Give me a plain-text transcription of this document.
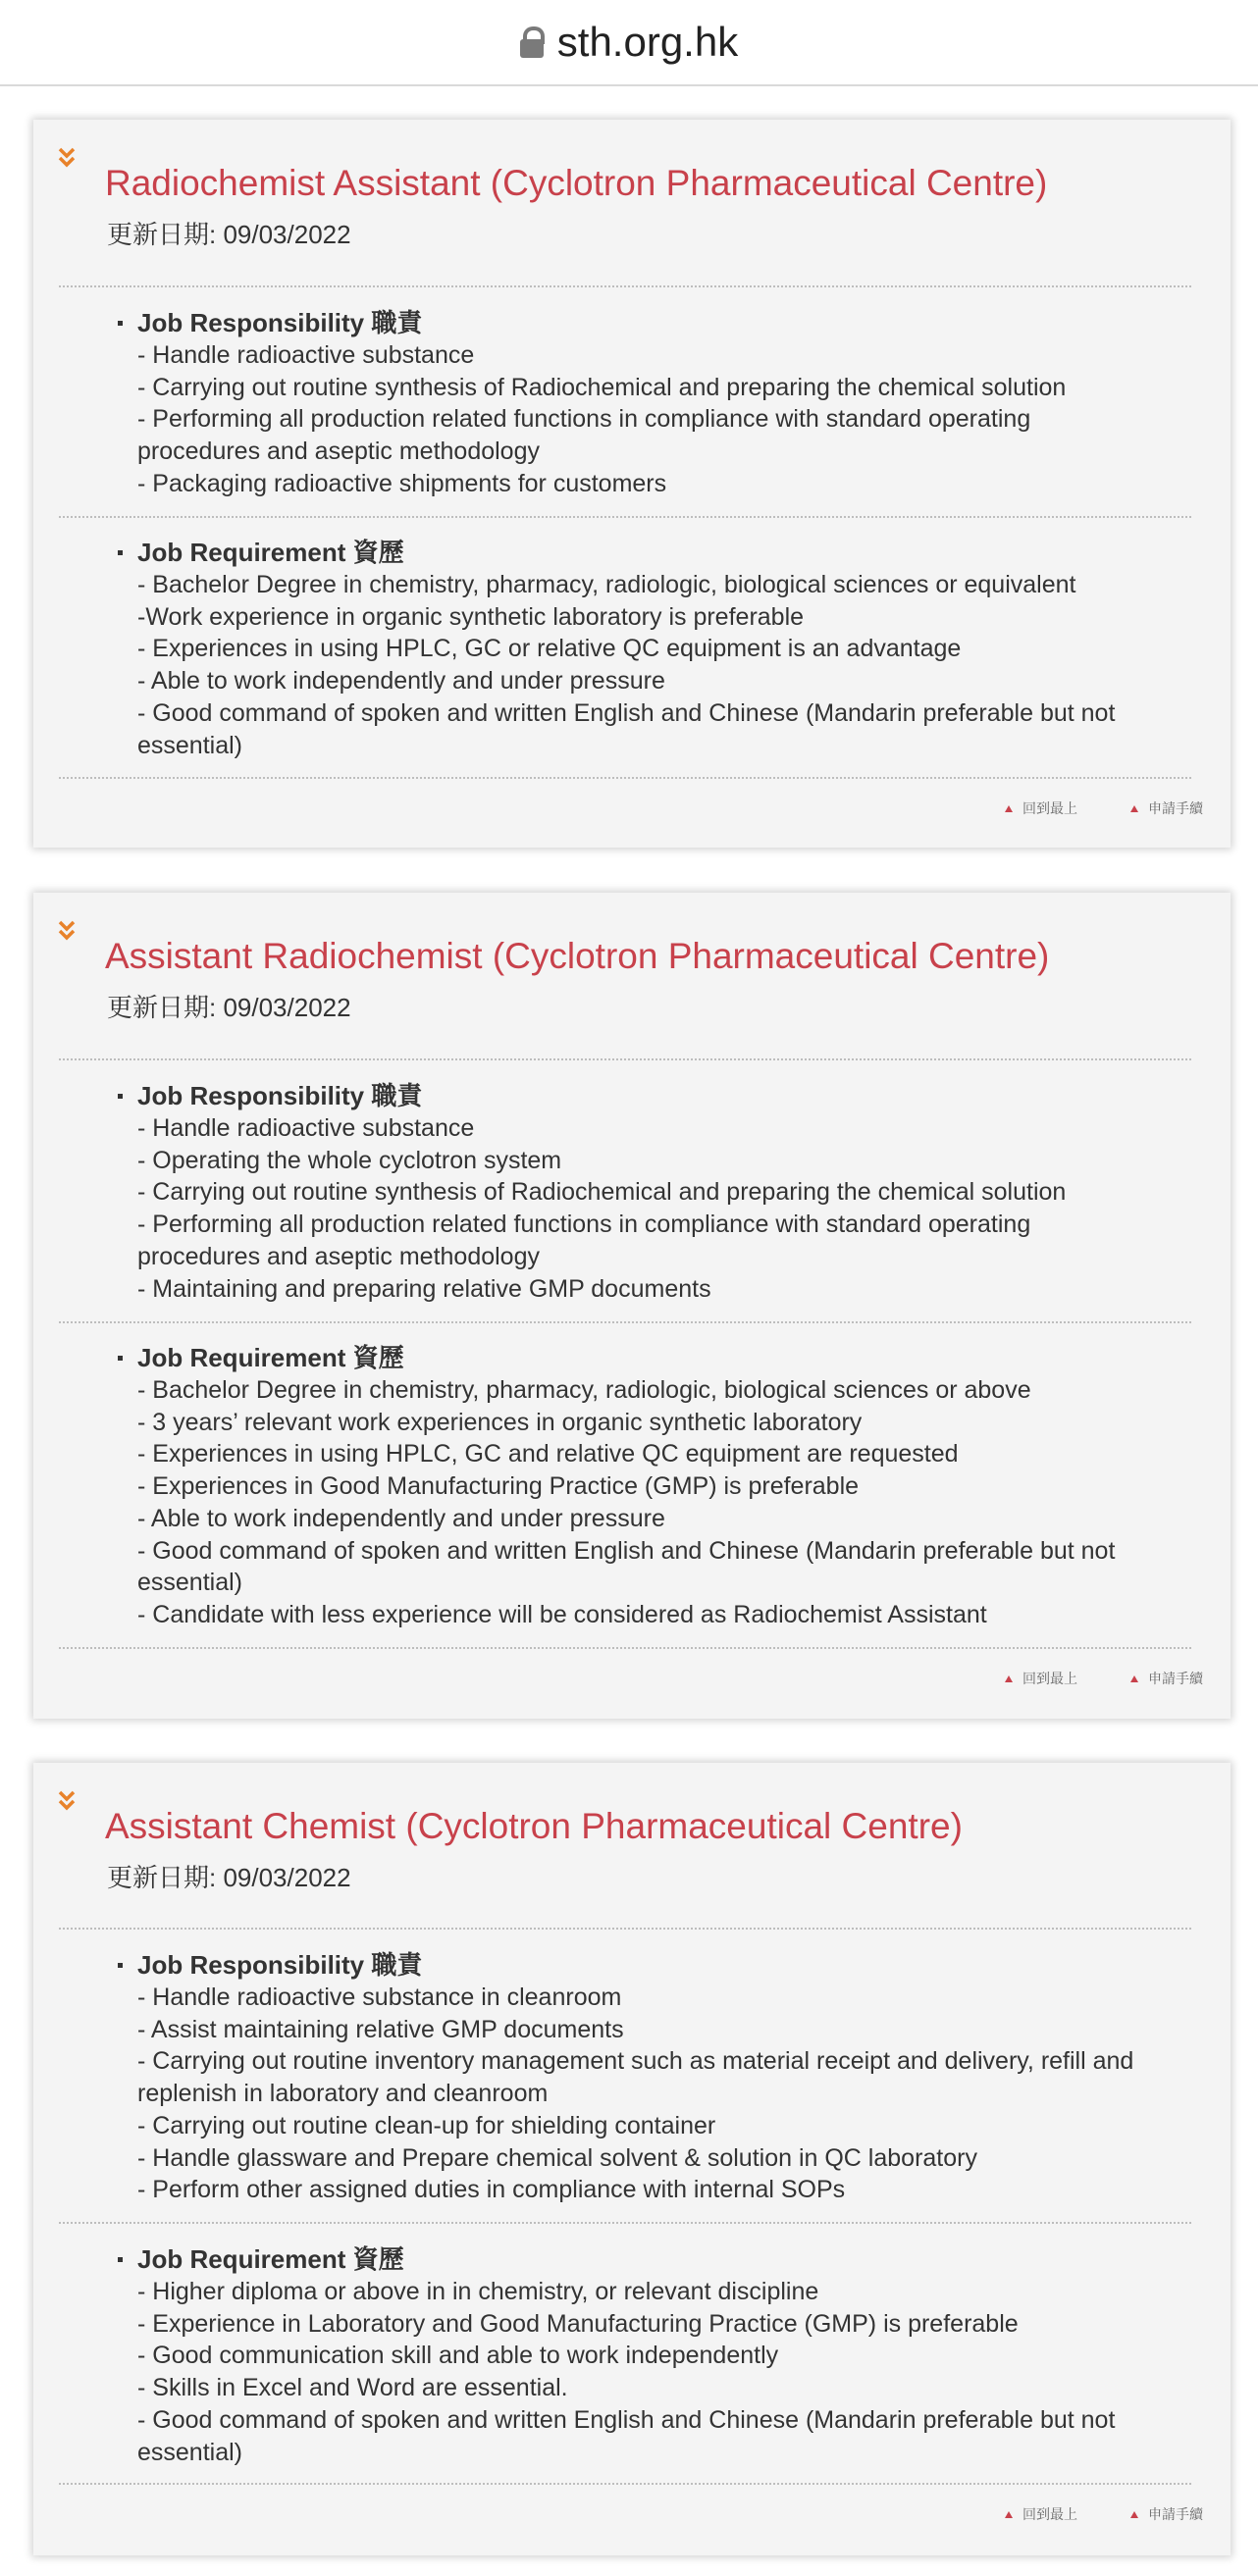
sth.org.hk
Radiochemist Assistant (Cyclotron Pharmaceutical Centre)
更新日期: 09/03/2022
Job Responsibility 職責
- Handle radioactive substance
- Carrying out routine synthesis of Radiochemical and preparing the chemical solution
- Performing all production related functions in compliance with standard operating
procedures and aseptic methodology
- Packaging radioactive shipments for customers
Job Requirement 資歷
- Bachelor Degree in chemistry, pharmacy, radiologic, biological sciences or equivalent
-Work experience in organic synthetic laboratory is preferable
- Experiences in using HPLC, GC or relative QC equipment is an advantage
- Able to work independently and under pressure
- Good command of spoken and written English and Chinese (Mandarin preferable but not
essential)
回到最上	申請手續
Assistant Radiochemist (Cyclotron Pharmaceutical Centre)
更新日期: 09/03/2022
Job Responsibility 職責
- Handle radioactive substance
- Operating the whole cyclotron system
- Carrying out routine synthesis of Radiochemical and preparing the chemical solution
- Performing all production related functions in compliance with standard operating
procedures and aseptic methodology
- Maintaining and preparing relative GMP documents
Job Requirement 資歷
- Bachelor Degree in chemistry, pharmacy, radiologic, biological sciences or above
- 3 years’ relevant work experiences in organic synthetic laboratory
- Experiences in using HPLC, GC and relative QC equipment are requested
- Experiences in Good Manufacturing Practice (GMP) is preferable
- Able to work independently and under pressure
- Good command of spoken and written English and Chinese (Mandarin preferable but not
essential)
- Candidate with less experience will be considered as Radiochemist Assistant
回到最上	申請手續
Assistant Chemist (Cyclotron Pharmaceutical Centre)
更新日期: 09/03/2022
Job Responsibility 職責
- Handle radioactive substance in cleanroom
- Assist maintaining relative GMP documents
- Carrying out routine inventory management such as material receipt and delivery, refill and
replenish in laboratory and cleanroom
- Carrying out routine clean-up for shielding container
- Handle glassware and Prepare chemical solvent & solution in QC laboratory
- Perform other assigned duties in compliance with internal SOPs
Job Requirement 資歷
- Higher diploma or above in in chemistry, or relevant discipline
- Experience in Laboratory and Good Manufacturing Practice (GMP) is preferable
- Good communication skill and able to work independently
- Skills in Excel and Word are essential.
- Good command of spoken and written English and Chinese (Mandarin preferable but not
essential)
回到最上	申請手續
